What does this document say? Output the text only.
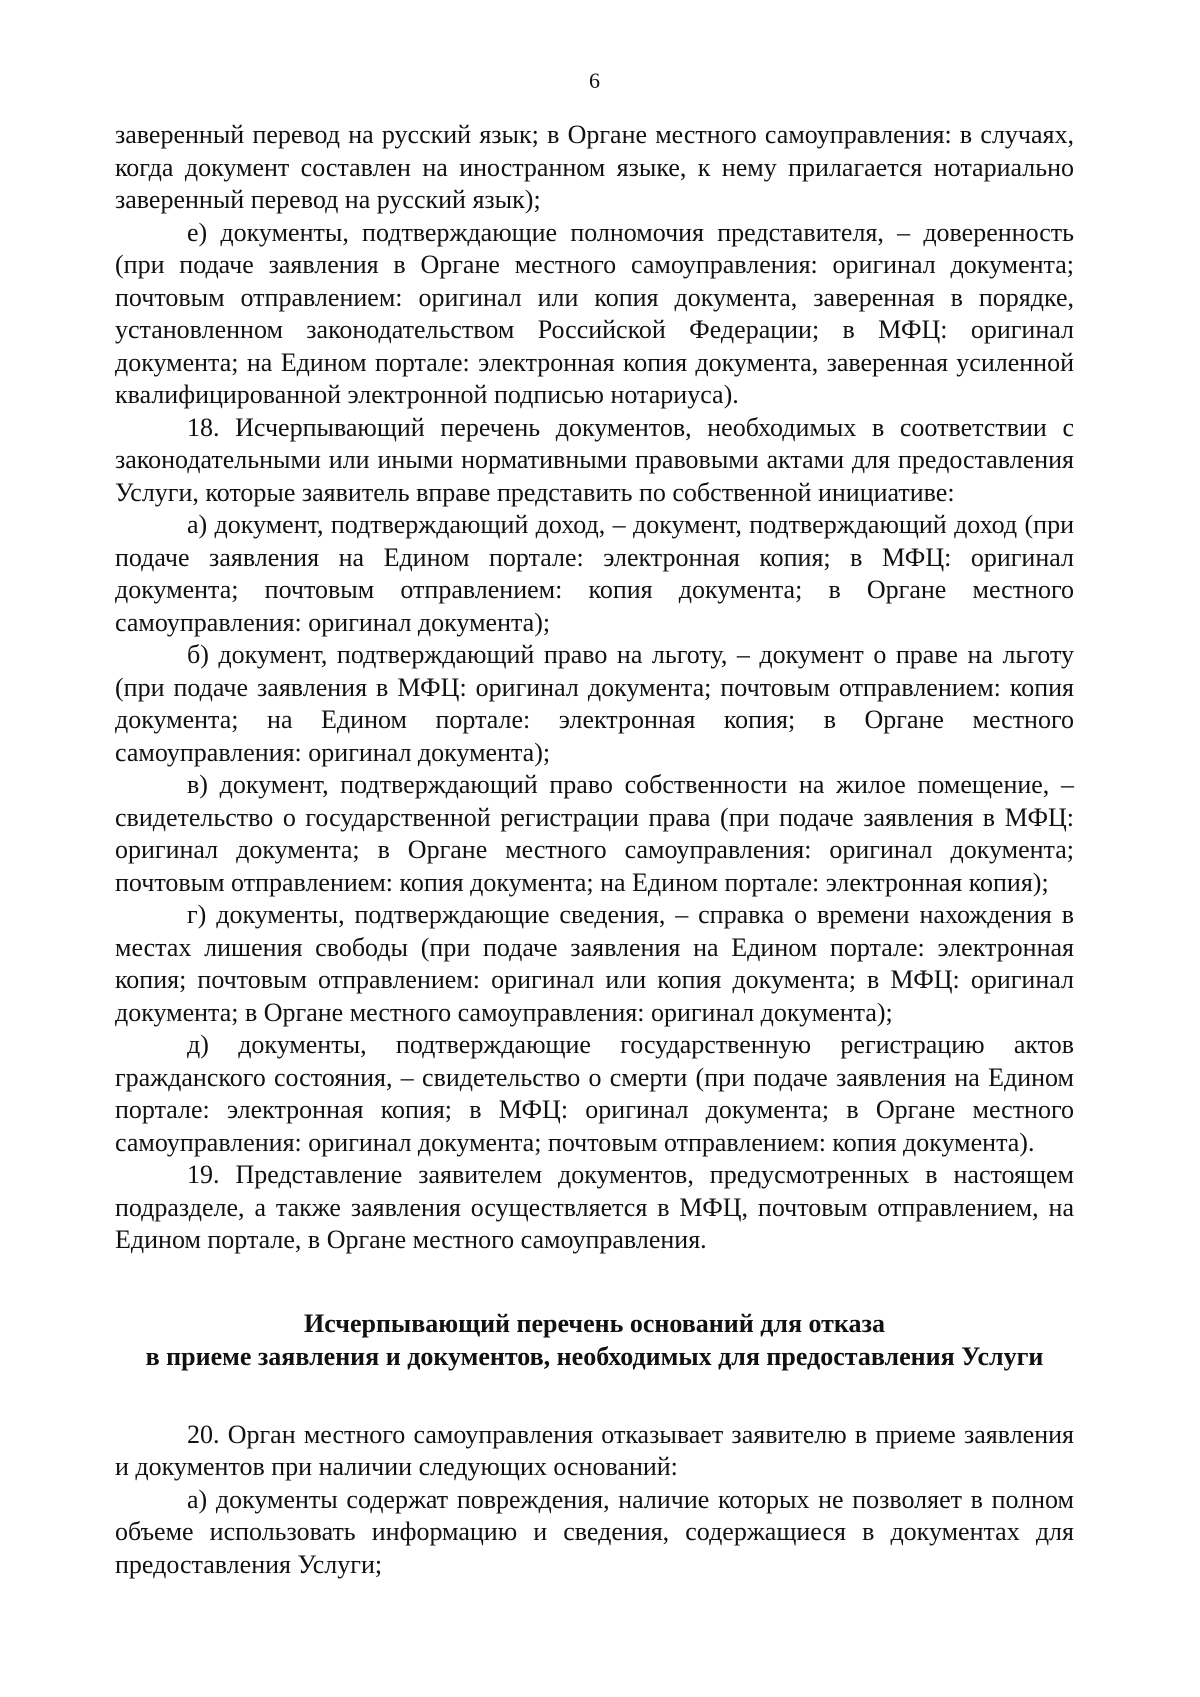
6

заверенный перевод на русский язык; в Органе местного самоуправления: в случаях, когда документ составлен на иностранном языке, к нему прилагается нотариально заверенный перевод на русский язык);

е) документы, подтверждающие полномочия представителя, – доверенность (при подаче заявления в Органе местного самоуправления: оригинал документа; почтовым отправлением: оригинал или копия документа, заверенная в порядке, установленном законодательством Российской Федерации; в МФЦ: оригинал документа; на Едином портале: электронная копия документа, заверенная усиленной квалифицированной электронной подписью нотариуса).

18. Исчерпывающий перечень документов, необходимых в соответствии с законодательными или иными нормативными правовыми актами для предоставления Услуги, которые заявитель вправе представить по собственной инициативе:

а) документ, подтверждающий доход, – документ, подтверждающий доход (при подаче заявления на Едином портале: электронная копия; в МФЦ: оригинал документа; почтовым отправлением: копия документа; в Органе местного самоуправления: оригинал документа);

б) документ, подтверждающий право на льготу, – документ о праве на льготу (при подаче заявления в МФЦ: оригинал документа; почтовым отправлением: копия документа; на Едином портале: электронная копия; в Органе местного самоуправления: оригинал документа);

в) документ, подтверждающий право собственности на жилое помещение, – свидетельство о государственной регистрации права (при подаче заявления в МФЦ: оригинал документа; в Органе местного самоуправления: оригинал документа; почтовым отправлением: копия документа; на Едином портале: электронная копия);

г) документы, подтверждающие сведения, – справка о времени нахождения в местах лишения свободы (при подаче заявления на Едином портале: электронная копия; почтовым отправлением: оригинал или копия документа; в МФЦ: оригинал документа; в Органе местного самоуправления: оригинал документа);

д) документы, подтверждающие государственную регистрацию актов гражданского состояния, – свидетельство о смерти (при подаче заявления на Едином портале: электронная копия; в МФЦ: оригинал документа; в Органе местного самоуправления: оригинал документа; почтовым отправлением: копия документа).

19. Представление заявителем документов, предусмотренных в настоящем подразделе, а также заявления осуществляется в МФЦ, почтовым отправлением, на Едином портале, в Органе местного самоуправления.

Исчерпывающий перечень оснований для отказа
в приеме заявления и документов, необходимых для предоставления Услуги

20. Орган местного самоуправления отказывает заявителю в приеме заявления и документов при наличии следующих оснований:

а) документы содержат повреждения, наличие которых не позволяет в полном объеме использовать информацию и сведения, содержащиеся в документах для предоставления Услуги;
